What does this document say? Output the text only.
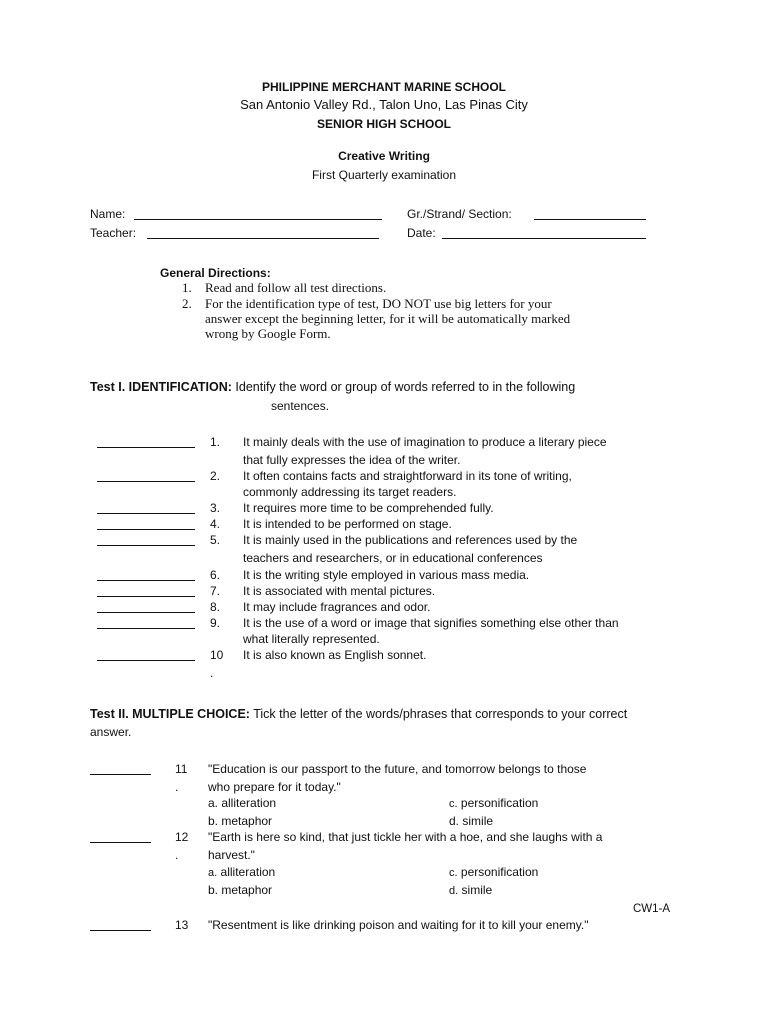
PHILIPPINE MERCHANT MARINE SCHOOL
San Antonio Valley Rd., Talon Uno, Las Pinas City
SENIOR HIGH SCHOOL
Creative Writing
First Quarterly examination
Name:
Teacher:
Gr./Strand/ Section:
Date:
General Directions:
1. Read and follow all test directions.
2. For the identification type of test, DO NOT use big letters for your
answer except the beginning letter, for it will be automatically marked
wrong by Google Form.
Test I. IDENTIFICATION: Identify the word or group of words referred to in the following
sentences.
1. It mainly deals with the use of imagination to produce a literary piece
that fully expresses the idea of the writer.
2. It often contains facts and straightforward in its tone of writing,
commonly addressing its target readers.
3. It requires more time to be comprehended fully.
4. It is intended to be performed on stage.
5. It is mainly used in the publications and references used by the
teachers and researchers, or in educational conferences
6. It is the writing style employed in various mass media.
7. It is associated with mental pictures.
8. It may include fragrances and odor.
9. It is the use of a word or image that signifies something else other than
what literally represented.
10
.
It is also known as English sonnet.
Test II. MULTIPLE CHOICE: Tick the letter of the words/phrases that corresponds to your correct
answer.
11
.
"Education is our passport to the future, and tomorrow belongs to those
who prepare for it today."
a. alliteration
b. metaphor
c. personification
d. simile
12
.
"Earth is here so kind, that just tickle her with a hoe, and she laughs with a
harvest."
a. alliteration
b. metaphor
c. personification
d. simile
CW1-A
13 "Resentment is like drinking poison and waiting for it to kill your enemy."
